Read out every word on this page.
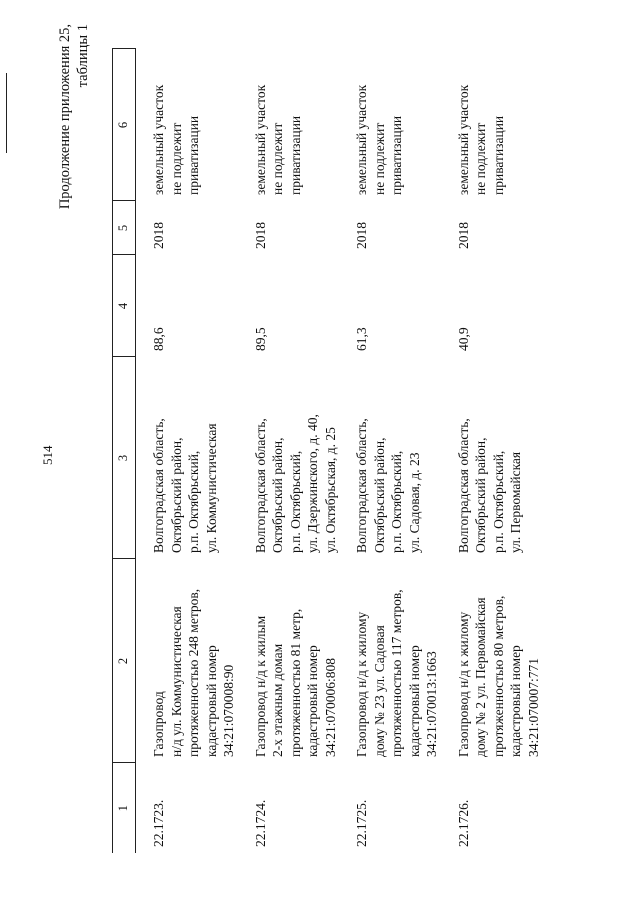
514
Продолжение приложения 25, таблицы 1
1	2	3	4	5	6

22.1723.	Газопровод н/д ул. Коммунистическая протяженностью 248 метров, кадастровый номер 34:21:070008:90	Волгоградская область, Октябрьский район, р.п. Октябрьский, ул. Коммунистическая	88,6	2018	земельный участок не подлежит приватизации

22.1724.	Газопровод н/д к жилым 2-х этажным домам протяженностью 81 метр, кадастровый номер 34:21:070006:808	Волгоградская область, Октябрьский район, р.п. Октябрьский, ул. Дзержинского, д. 40, ул. Октябрьская, д. 25	89,5	2018	земельный участок не подлежит приватизации

22.1725.	Газопровод н/д к жилому дому № 23 ул. Садовая протяженностью 117 метров, кадастровый номер 34:21:070013:1663	Волгоградская область, Октябрьский район, р.п. Октябрьский, ул. Садовая, д. 23	61,3	2018	земельный участок не подлежит приватизации

22.1726.	Газопровод н/д к жилому дому № 2 ул. Первомайская протяженностью 80 метров, кадастровый номер 34:21:070007:771	Волгоградская область, Октябрьский район, р.п. Октябрьский, ул. Первомайская	40,9	2018	земельный участок не подлежит приватизации
